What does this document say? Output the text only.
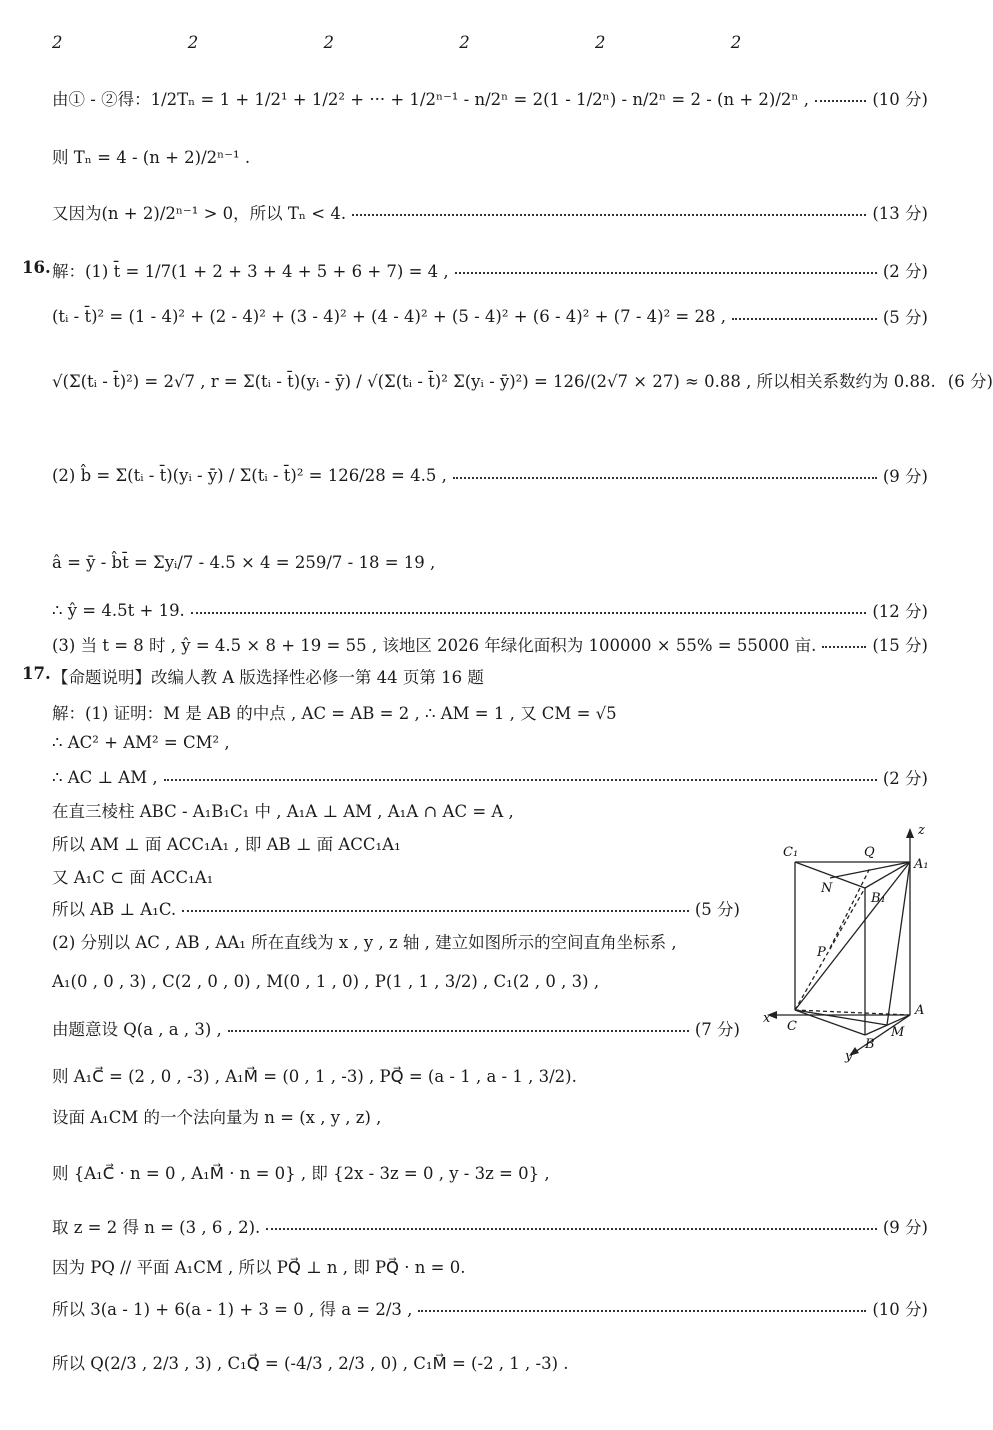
2 2 2 2 2 2
由① - ②得：1/2Tₙ = 1 + 1/2¹ + 1/2² + ··· + 1/2ⁿ⁻¹ - n/2ⁿ = 2(1 - 1/2ⁿ) - n/2ⁿ = 2 - (n + 2)/2ⁿ ,	(10 分)
则 Tₙ = 4 - (n + 2)/2ⁿ⁻¹ .
又因为(n + 2)/2ⁿ⁻¹ > 0，所以 Tₙ < 4.	(13 分)
16. 解：(1) t̄ = 1/7(1 + 2 + 3 + 4 + 5 + 6 + 7) = 4 ,	(2 分)
(tᵢ - t̄)² = (1 - 4)² + (2 - 4)² + (3 - 4)² + (4 - 4)² + (5 - 4)² + (6 - 4)² + (7 - 4)² = 28 ,	(5 分)
√(Σ(tᵢ - t̄)²) = 2√7 , r = Σ(tᵢ - t̄)(yᵢ - ȳ) / √(Σ(tᵢ - t̄)² Σ(yᵢ - ȳ)²) = 126/(2√7 × 27) ≈ 0.88 , 所以相关系数约为 0.88. (6 分)
(2) b̂ = Σ(tᵢ - t̄)(yᵢ - ȳ) / Σ(tᵢ - t̄)² = 126/28 = 4.5 ,	(9 分)
â = ȳ - b̂t̄ = Σyᵢ/7 - 4.5 × 4 = 259/7 - 18 = 19 ,
∴ ŷ = 4.5t + 19.	(12 分)
(3) 当 t = 8 时 , ŷ = 4.5 × 8 + 19 = 55 , 该地区 2026 年绿化面积为 100000 × 55% = 55000 亩.	(15 分)
17. 【命题说明】改编人教 A 版选择性必修一第 44 页第 16 题
解：(1) 证明：M 是 AB 的中点 , AC = AB = 2 , ∴ AM = 1 , 又 CM = √5
∴ AC² + AM² = CM² ,
∴ AC ⊥ AM ,	(2 分)
在直三棱柱 ABC - A₁B₁C₁ 中 , A₁A ⊥ AM , A₁A ∩ AC = A ,
所以 AM ⊥ 面 ACC₁A₁ , 即 AB ⊥ 面 ACC₁A₁
又 A₁C ⊂ 面 ACC₁A₁
所以 AB ⊥ A₁C.	(5 分)
(2) 分别以 AC , AB , AA₁ 所在直线为 x , y , z 轴 , 建立如图所示的空间直角坐标系 ,
A₁(0 , 0 , 3) , C(2 , 0 , 0) , M(0 , 1 , 0) , P(1 , 1 , 3/2) , C₁(2 , 0 , 3) ,
由题意设 Q(a , a , 3) ,	(7 分)
则 A₁C⃗ = (2 , 0 , -3) , A₁M⃗ = (0 , 1 , -3) , PQ⃗ = (a - 1 , a - 1 , 3/2).
设面 A₁CM 的一个法向量为 n = (x , y , z) ,
则 {A₁C⃗ · n = 0 , A₁M⃗ · n = 0} , 即 {2x - 3z = 0 , y - 3z = 0} ,
取 z = 2 得 n = (3 , 6 , 2).	(9 分)
因为 PQ // 平面 A₁CM , 所以 PQ⃗ ⊥ n , 即 PQ⃗ · n = 0.
所以 3(a - 1) + 6(a - 1) + 3 = 0 , 得 a = 2/3 ,	(10 分)
所以 Q(2/3 , 2/3 , 3) , C₁Q⃗ = (-4/3 , 2/3 , 0) , C₁M⃗ = (-2 , 1 , -3) .
C₁	Q
A₁
N
B₁
P
x
C
A
M
B
y
z
